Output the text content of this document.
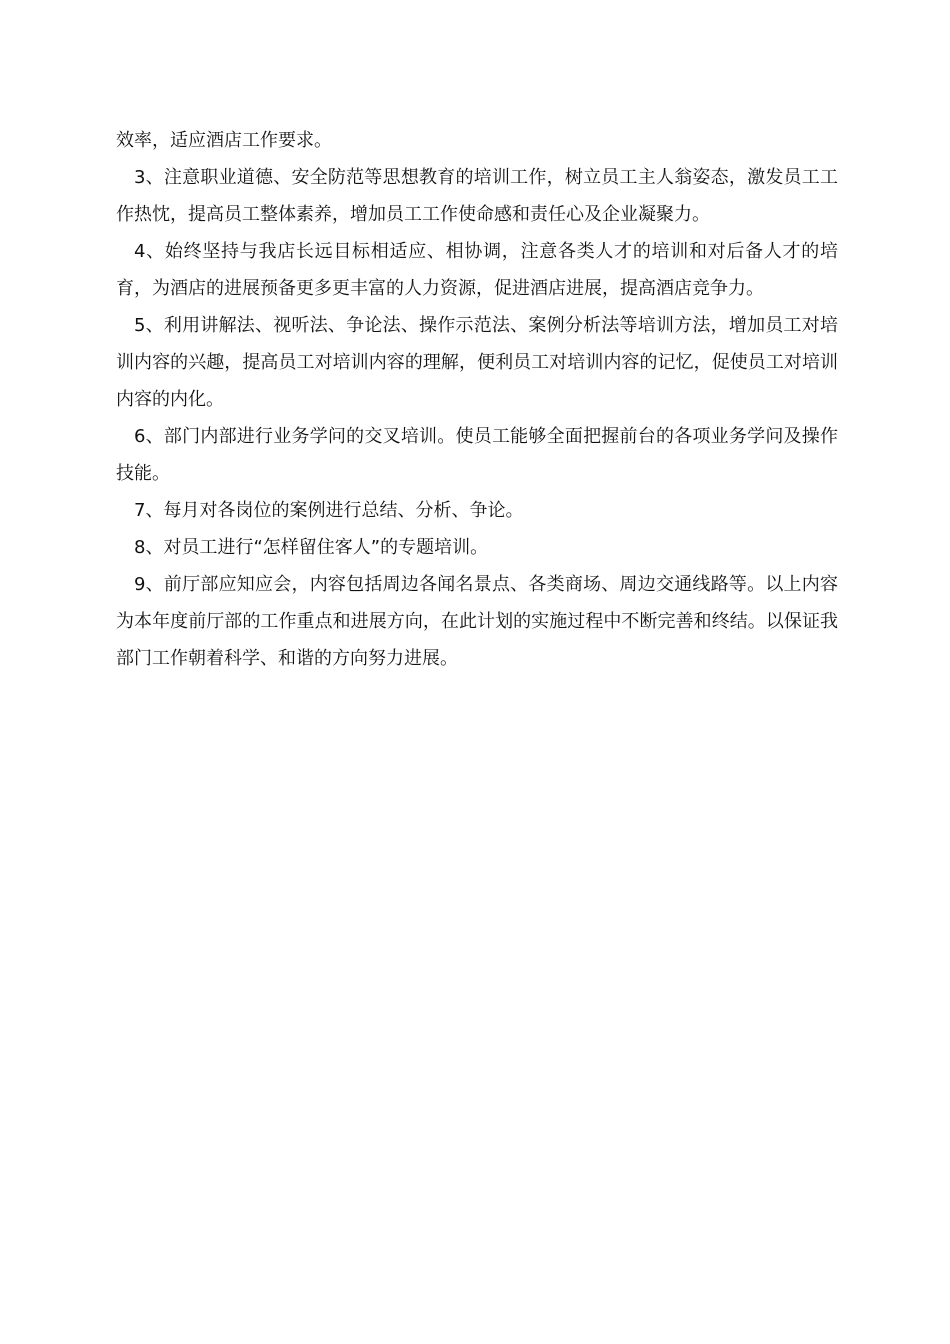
效率，适应酒店工作要求。

3、注意职业道德、安全防范等思想教育的培训工作，树立员工主人翁姿态，激发员工工作热忱，提高员工整体素养，增加员工工作使命感和责任心及企业凝聚力。

4、始终坚持与我店长远目标相适应、相协调，注意各类人才的培训和对后备人才的培育，为酒店的进展预备更多更丰富的人力资源，促进酒店进展，提高酒店竞争力。

5、利用讲解法、视听法、争论法、操作示范法、案例分析法等培训方法，增加员工对培训内容的兴趣，提高员工对培训内容的理解，便利员工对培训内容的记忆，促使员工对培训内容的内化。

6、部门内部进行业务学问的交叉培训。使员工能够全面把握前台的各项业务学问及操作技能。

7、每月对各岗位的案例进行总结、分析、争论。

8、对员工进行“怎样留住客人”的专题培训。

9、前厅部应知应会，内容包括周边各闻名景点、各类商场、周边交通线路等。以上内容为本年度前厅部的工作重点和进展方向，在此计划的实施过程中不断完善和终结。以保证我部门工作朝着科学、和谐的方向努力进展。
